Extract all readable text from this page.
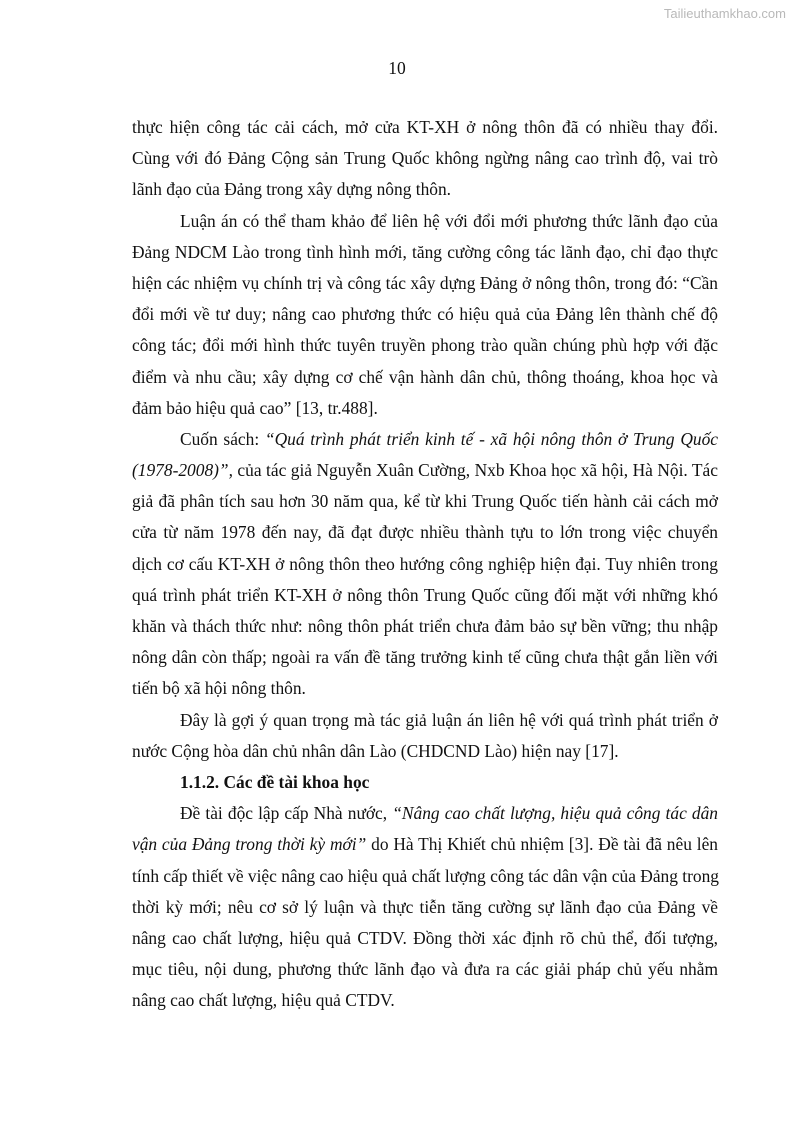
Tailieuthamkhao.com
10
thực hiện công tác cải cách, mở cửa KT-XH ở nông thôn đã có nhiều thay đổi.
Cùng với đó Đảng Cộng sản Trung Quốc không ngừng nâng cao trình độ, vai trò
lãnh đạo của Đảng trong xây dựng nông thôn.
Luận án có thể tham khảo để liên hệ với đổi mới phương thức lãnh đạo của
Đảng NDCM Lào trong tình hình mới, tăng cường công tác lãnh đạo, chỉ đạo thực
hiện các nhiệm vụ chính trị và công tác xây dựng Đảng ở nông thôn, trong đó: “Cần
đổi mới về tư duy; nâng cao phương thức có hiệu quả của Đảng lên thành chế độ
công tác; đổi mới hình thức tuyên truyền phong trào quần chúng phù hợp với đặc
điểm và nhu cầu; xây dựng cơ chế vận hành dân chủ, thông thoáng, khoa học và
đảm bảo hiệu quả cao” [13, tr.488].
Cuốn sách: “Quá trình phát triển kinh tế - xã hội nông thôn ở Trung Quốc
(1978-2008)”, của tác giả Nguyễn Xuân Cường, Nxb Khoa học xã hội, Hà Nội. Tác
giả đã phân tích sau hơn 30 năm qua, kể từ khi Trung Quốc tiến hành cải cách mở
cửa từ năm 1978 đến nay, đã đạt được nhiều thành tựu to lớn trong việc chuyển
dịch cơ cấu KT-XH ở nông thôn theo hướng công nghiệp hiện đại. Tuy nhiên trong
quá trình phát triển KT-XH ở nông thôn Trung Quốc cũng đối mặt với những khó
khăn và thách thức như: nông thôn phát triển chưa đảm bảo sự bền vững; thu nhập
nông dân còn thấp; ngoài ra vấn đề tăng trưởng kinh tế cũng chưa thật gắn liền với
tiến bộ xã hội nông thôn.
Đây là gợi ý quan trọng mà tác giả luận án liên hệ với quá trình phát triển ở
nước Cộng hòa dân chủ nhân dân Lào (CHDCND Lào) hiện nay [17].
1.1.2. Các đề tài khoa học
Đề tài độc lập cấp Nhà nước, “Nâng cao chất lượng, hiệu quả công tác dân
vận của Đảng trong thời kỳ mới” do Hà Thị Khiết chủ nhiệm [3]. Đề tài đã nêu lên
tính cấp thiết về việc nâng cao hiệu quả chất lượng công tác dân vận của Đảng trong
thời kỳ mới; nêu cơ sở lý luận và thực tiễn tăng cường sự lãnh đạo của Đảng về
nâng cao chất lượng, hiệu quả CTDV. Đồng thời xác định rõ chủ thể, đối tượng,
mục tiêu, nội dung, phương thức lãnh đạo và đưa ra các giải pháp chủ yếu nhằm
nâng cao chất lượng, hiệu quả CTDV.
